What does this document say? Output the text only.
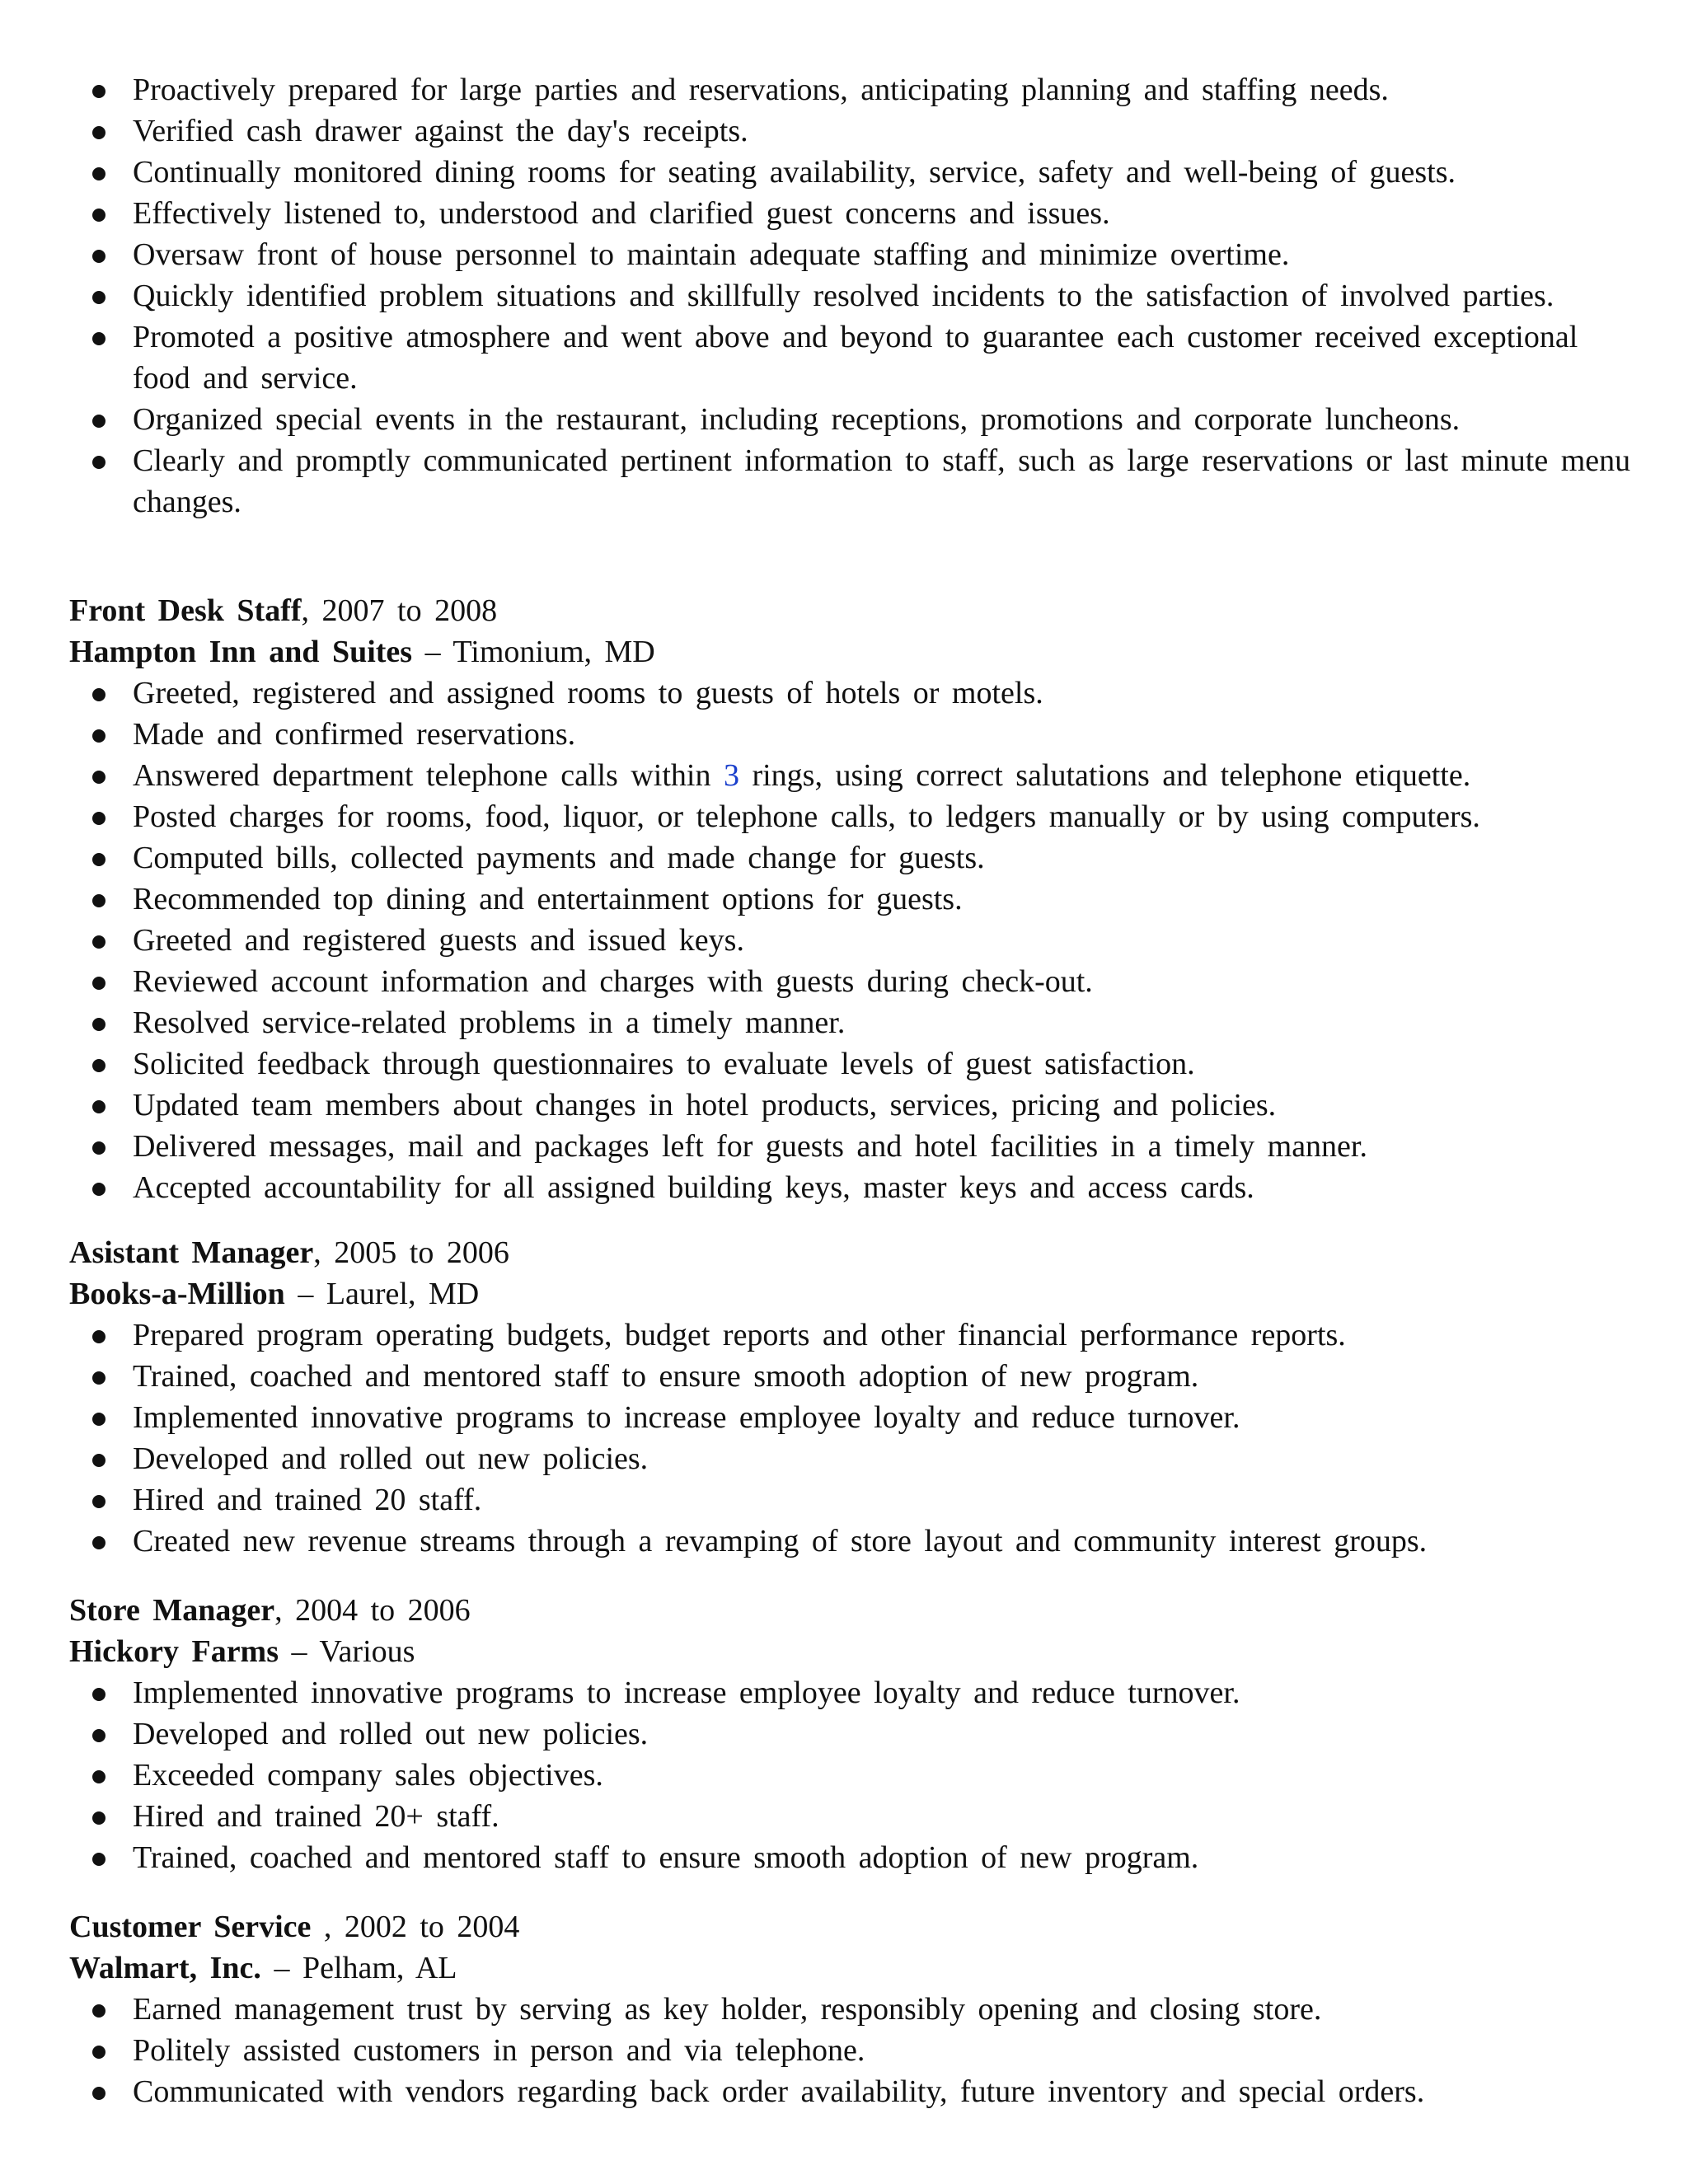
Proactively prepared for large parties and reservations, anticipating planning and staffing needs.
Verified cash drawer against the day's receipts.
Continually monitored dining rooms for seating availability, service, safety and well-being of guests.
Effectively listened to, understood and clarified guest concerns and issues.
Oversaw front of house personnel to maintain adequate staffing and minimize overtime.
Quickly identified problem situations and skillfully resolved incidents to the satisfaction of involved parties.
Promoted a positive atmosphere and went above and beyond to guarantee each customer received exceptional food and service.
Organized special events in the restaurant, including receptions, promotions and corporate luncheons.
Clearly and promptly communicated pertinent information to staff, such as large reservations or last minute menu changes.
Front Desk Staff, 2007 to 2008
Hampton Inn and Suites – Timonium, MD
Greeted, registered and assigned rooms to guests of hotels or motels.
Made and confirmed reservations.
Answered department telephone calls within 3 rings, using correct salutations and telephone etiquette.
Posted charges for rooms, food, liquor, or telephone calls, to ledgers manually or by using computers.
Computed bills, collected payments and made change for guests.
Recommended top dining and entertainment options for guests.
Greeted and registered guests and issued keys.
Reviewed account information and charges with guests during check-out.
Resolved service-related problems in a timely manner.
Solicited feedback through questionnaires to evaluate levels of guest satisfaction.
Updated team members about changes in hotel products, services, pricing and policies.
Delivered messages, mail and packages left for guests and hotel facilities in a timely manner.
Accepted accountability for all assigned building keys, master keys and access cards.
Asistant Manager, 2005 to 2006
Books-a-Million – Laurel, MD
Prepared program operating budgets, budget reports and other financial performance reports.
Trained, coached and mentored staff to ensure smooth adoption of new program.
Implemented innovative programs to increase employee loyalty and reduce turnover.
Developed and rolled out new policies.
Hired and trained 20 staff.
Created new revenue streams through a revamping of store layout and community interest groups.
Store Manager, 2004 to 2006
Hickory Farms – Various
Implemented innovative programs to increase employee loyalty and reduce turnover.
Developed and rolled out new policies.
Exceeded company sales objectives.
Hired and trained 20+ staff.
Trained, coached and mentored staff to ensure smooth adoption of new program.
Customer Service , 2002 to 2004
Walmart, Inc. – Pelham, AL
Earned management trust by serving as key holder, responsibly opening and closing store.
Politely assisted customers in person and via telephone.
Communicated with vendors regarding back order availability, future inventory and special orders.
